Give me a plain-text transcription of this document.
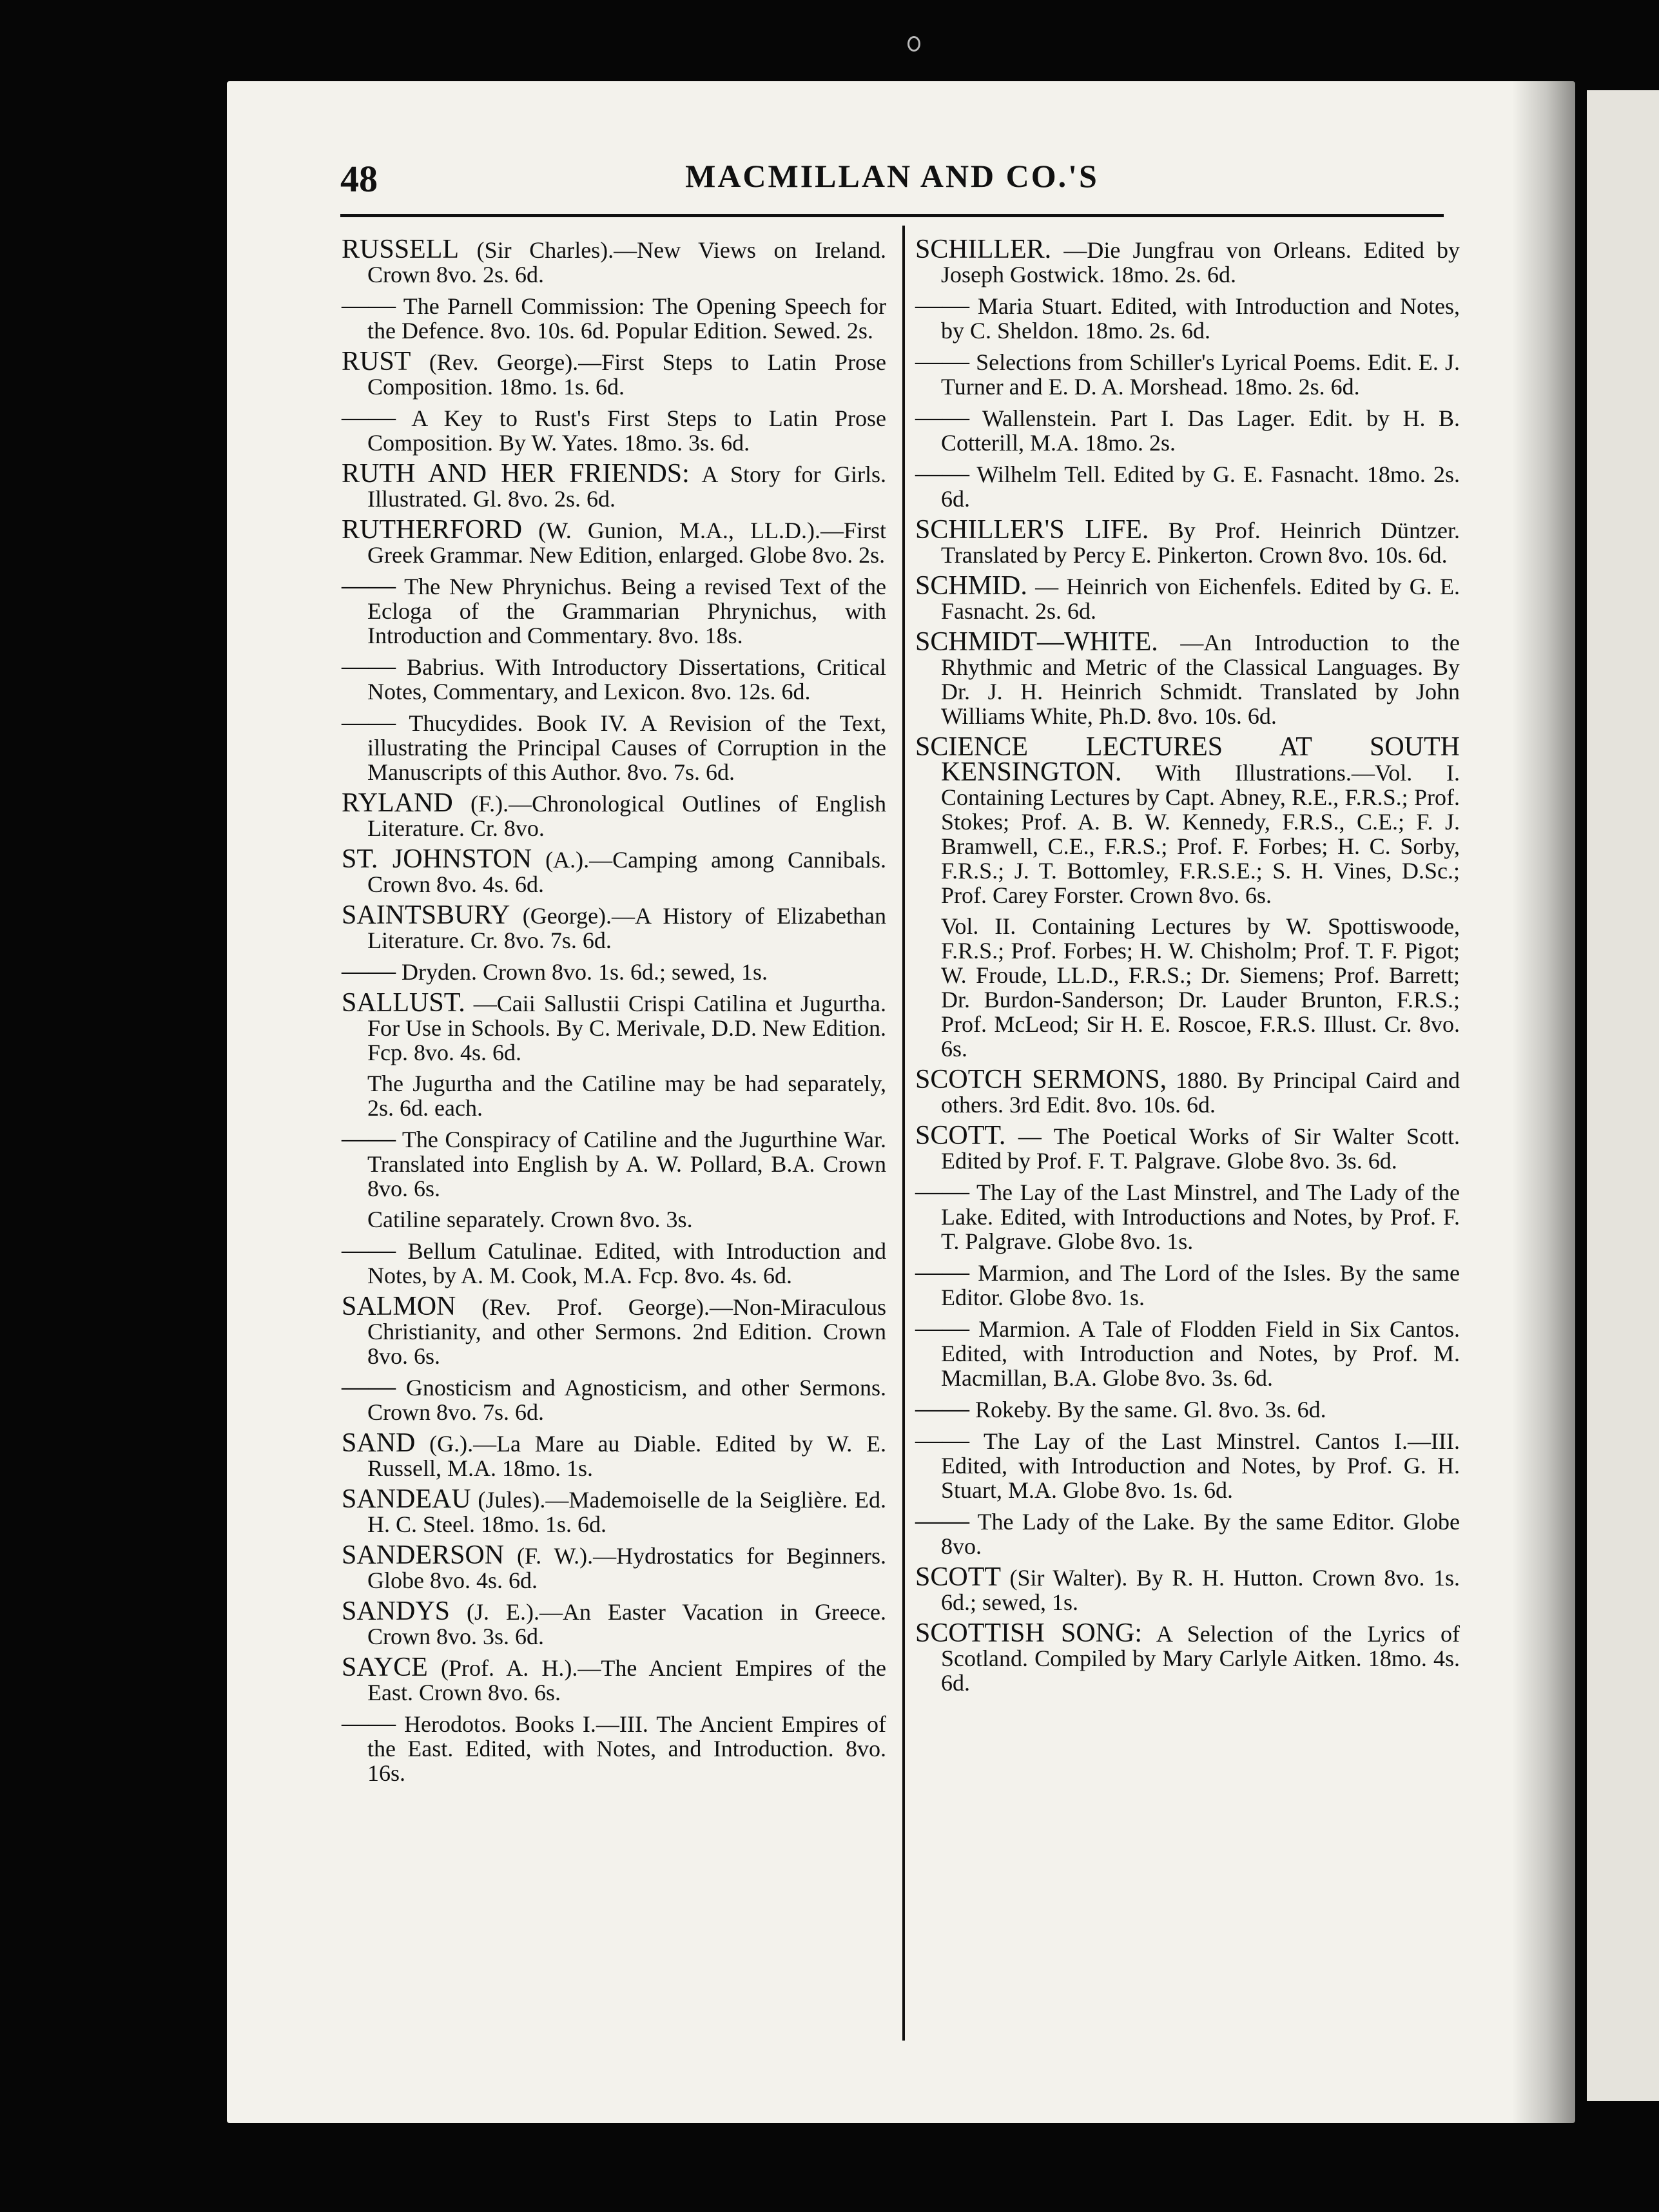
48	MACMILLAN AND CO.'S
RUSSELL (Sir Charles).—New Views on Ireland. Crown 8vo. 2s. 6d.
—— The Parnell Commission: The Opening Speech for the Defence. 8vo. 10s. 6d. Popular Edition. Sewed. 2s.
RUST (Rev. George).—First Steps to Latin Prose Composition. 18mo. 1s. 6d.
—— A Key to Rust's First Steps to Latin Prose Composition. By W. Yates. 18mo. 3s. 6d.
RUTH AND HER FRIENDS: A Story for Girls. Illustrated. Gl. 8vo. 2s. 6d.
RUTHERFORD (W. Gunion, M.A., LL.D.).—First Greek Grammar. New Edition, enlarged. Globe 8vo. 2s.
—— The New Phrynichus. Being a revised Text of the Ecloga of the Grammarian Phrynichus, with Introduction and Commentary. 8vo. 18s.
—— Babrius. With Introductory Dissertations, Critical Notes, Commentary, and Lexicon. 8vo. 12s. 6d.
—— Thucydides. Book IV. A Revision of the Text, illustrating the Principal Causes of Corruption in the Manuscripts of this Author. 8vo. 7s. 6d.
RYLAND (F.).—Chronological Outlines of English Literature. Cr. 8vo.
ST. JOHNSTON (A.).—Camping among Cannibals. Crown 8vo. 4s. 6d.
SAINTSBURY (George).—A History of Elizabethan Literature. Cr. 8vo. 7s. 6d.
—— Dryden. Crown 8vo. 1s. 6d.; sewed, 1s.
SALLUST. —Caii Sallustii Crispi Catilina et Jugurtha. For Use in Schools. By C. Merivale, D.D. New Edition. Fcp. 8vo. 4s. 6d.
The Jugurtha and the Catiline may be had separately, 2s. 6d. each.
—— The Conspiracy of Catiline and the Jugurthine War. Translated into English by A. W. Pollard, B.A. Crown 8vo. 6s.
Catiline separately. Crown 8vo. 3s.
—— Bellum Catulinae. Edited, with Introduction and Notes, by A. M. Cook, M.A. Fcp. 8vo. 4s. 6d.
SALMON (Rev. Prof. George).—Non-Miraculous Christianity, and other Sermons. 2nd Edition. Crown 8vo. 6s.
—— Gnosticism and Agnosticism, and other Sermons. Crown 8vo. 7s. 6d.
SAND (G.).—La Mare au Diable. Edited by W. E. Russell, M.A. 18mo. 1s.
SANDEAU (Jules).—Mademoiselle de la Seiglière. Ed. H. C. Steel. 18mo. 1s. 6d.
SANDERSON (F. W.).—Hydrostatics for Beginners. Globe 8vo. 4s. 6d.
SANDYS (J. E.).—An Easter Vacation in Greece. Crown 8vo. 3s. 6d.
SAYCE (Prof. A. H.).—The Ancient Empires of the East. Crown 8vo. 6s.
—— Herodotos. Books I.—III. The Ancient Empires of the East. Edited, with Notes, and Introduction. 8vo. 16s.
SCHILLER. —Die Jungfrau von Orleans. Edited by Joseph Gostwick. 18mo. 2s. 6d.
—— Maria Stuart. Edited, with Introduction and Notes, by C. Sheldon. 18mo. 2s. 6d.
—— Selections from Schiller's Lyrical Poems. Edit. E. J. Turner and E. D. A. Morshead. 18mo. 2s. 6d.
—— Wallenstein. Part I. Das Lager. Edit. by H. B. Cotterill, M.A. 18mo. 2s.
—— Wilhelm Tell. Edited by G. E. Fasnacht. 18mo. 2s. 6d.
SCHILLER'S LIFE. By Prof. Heinrich Düntzer. Translated by Percy E. Pinkerton. Crown 8vo. 10s. 6d.
SCHMID. — Heinrich von Eichenfels. Edited by G. E. Fasnacht. 2s. 6d.
SCHMIDT—WHITE. —An Introduction to the Rhythmic and Metric of the Classical Languages. By Dr. J. H. Heinrich Schmidt. Translated by John Williams White, Ph.D. 8vo. 10s. 6d.
SCIENCE LECTURES AT SOUTH KENSINGTON. With Illustrations.—Vol. I. Containing Lectures by Capt. Abney, R.E., F.R.S.; Prof. Stokes; Prof. A. B. W. Kennedy, F.R.S., C.E.; F. J. Bramwell, C.E., F.R.S.; Prof. F. Forbes; H. C. Sorby, F.R.S.; J. T. Bottomley, F.R.S.E.; S. H. Vines, D.Sc.; Prof. Carey Forster. Crown 8vo. 6s.
Vol. II. Containing Lectures by W. Spottiswoode, F.R.S.; Prof. Forbes; H. W. Chisholm; Prof. T. F. Pigot; W. Froude, LL.D., F.R.S.; Dr. Siemens; Prof. Barrett; Dr. Burdon-Sanderson; Dr. Lauder Brunton, F.R.S.; Prof. McLeod; Sir H. E. Roscoe, F.R.S. Illust. Cr. 8vo. 6s.
SCOTCH SERMONS, 1880. By Principal Caird and others. 3rd Edit. 8vo. 10s. 6d.
SCOTT. — The Poetical Works of Sir Walter Scott. Edited by Prof. F. T. Palgrave. Globe 8vo. 3s. 6d.
—— The Lay of the Last Minstrel, and The Lady of the Lake. Edited, with Introductions and Notes, by Prof. F. T. Palgrave. Globe 8vo. 1s.
—— Marmion, and The Lord of the Isles. By the same Editor. Globe 8vo. 1s.
—— Marmion. A Tale of Flodden Field in Six Cantos. Edited, with Introduction and Notes, by Prof. M. Macmillan, B.A. Globe 8vo. 3s. 6d.
—— Rokeby. By the same. Gl. 8vo. 3s. 6d.
—— The Lay of the Last Minstrel. Cantos I.—III. Edited, with Introduction and Notes, by Prof. G. H. Stuart, M.A. Globe 8vo. 1s. 6d.
—— The Lady of the Lake. By the same Editor. Globe 8vo.
SCOTT (Sir Walter). By R. H. Hutton. Crown 8vo. 1s. 6d.; sewed, 1s.
SCOTTISH SONG: A Selection of the Lyrics of Scotland. Compiled by Mary Carlyle Aitken. 18mo. 4s. 6d.
